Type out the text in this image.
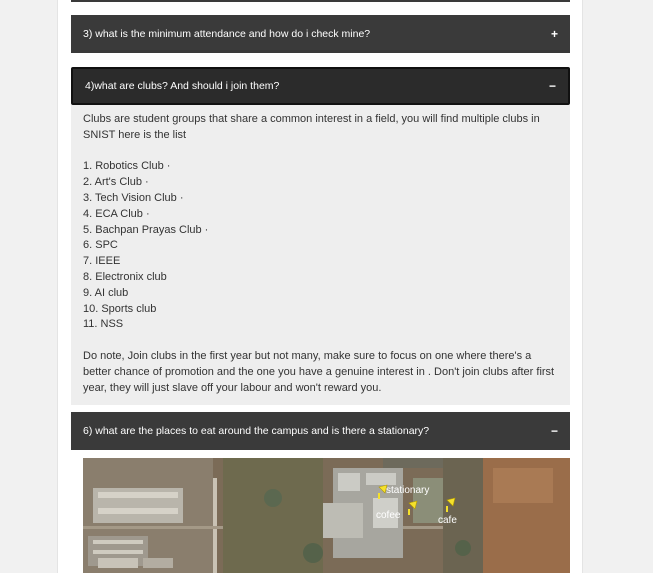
3) what is the minimum attendance and how do i check mine?	+
4)what are clubs? And should i join them?	−

Clubs are student groups that share a common interest in a field, you will find multiple clubs in SNIST here is the list

1. Robotics Club ·
2. Art's Club ·
3. Tech Vision Club ·
4. ECA Club ·
5. Bachpan Prayas Club ·
6. SPC
7. IEEE
8. Electronix club
9. AI club
10. Sports club
11. NSS

Do note, Join clubs in the first year but not many, make sure to focus on one where there's a better chance of promotion and the one you have a genuine interest in . Don't join clubs after first year, they will just slave off your labour and won't reward you.

6) what are the places to eat around the campus and is there a stationary?	−
stationary
cofee	cafe
